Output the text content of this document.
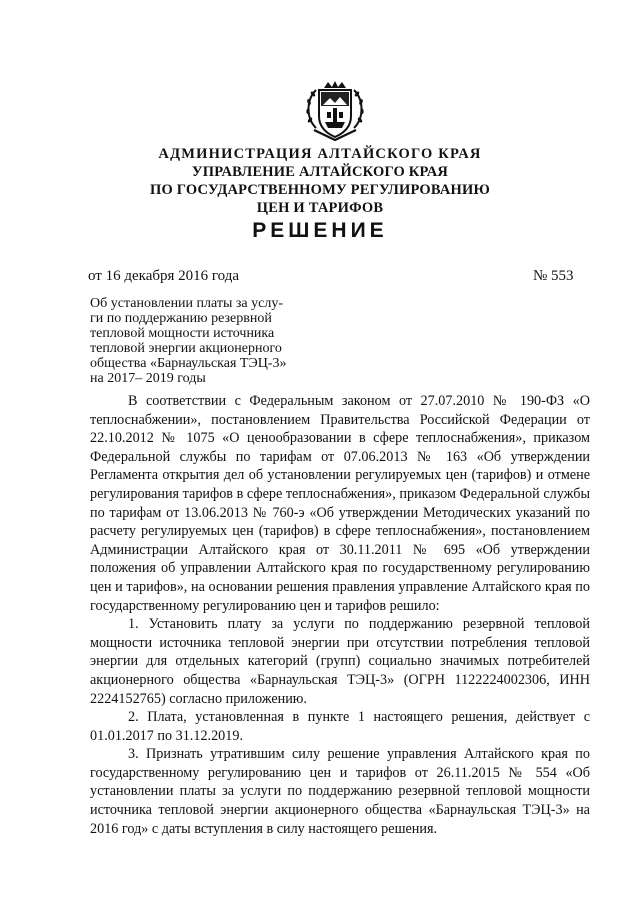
АДМИНИСТРАЦИЯ АЛТАЙСКОГО КРАЯ
УПРАВЛЕНИЕ АЛТАЙСКОГО КРАЯ
ПО ГОСУДАРСТВЕННОМУ РЕГУЛИРОВАНИЮ
ЦЕН И ТАРИФОВ
РЕШЕНИЕ
от 16 декабря 2016 года	№ 553
Об установлении платы за услу-
ги по поддержанию резервной
тепловой мощности источника
тепловой энергии акционерного
общества «Барнаульская ТЭЦ-3»
на 2017– 2019 годы

В соответствии с Федеральным законом от 27.07.2010 № 190-ФЗ «О теплоснабжении», постановлением Правительства Российской Федерации от 22.10.2012 № 1075 «О ценообразовании в сфере теплоснабжения», приказом Федеральной службы по тарифам от 07.06.2013 № 163 «Об утверждении Регламента открытия дел об установлении регулируемых цен (тарифов) и отмене регулирования тарифов в сфере теплоснабжения», приказом Федеральной службы по тарифам от 13.06.2013 № 760-э «Об утверждении Методических указаний по расчету регулируемых цен (тарифов) в сфере теплоснабжения», постановлением Администрации Алтайского края от 30.11.2011 № 695 «Об утверждении положения об управлении Алтайского края по государственному регулированию цен и тарифов», на основании решения правления управление Алтайского края по государственному регулированию цен и тарифов решило:

1. Установить плату за услуги по поддержанию резервной тепловой мощности источника тепловой энергии при отсутствии потребления тепловой энергии для отдельных категорий (групп) социально значимых потребителей акционерного общества «Барнаульская ТЭЦ-3» (ОГРН 1122224002306, ИНН 2224152765) согласно приложению.

2. Плата, установленная в пункте 1 настоящего решения, действует с 01.01.2017 по 31.12.2019.

3. Признать утратившим силу решение управления Алтайского края по государственному регулированию цен и тарифов от 26.11.2015 № 554 «Об установлении платы за услуги по поддержанию резервной тепловой мощности источника тепловой энергии акционерного общества «Барнаульская ТЭЦ-3» на 2016 год» с даты вступления в силу настоящего решения.
